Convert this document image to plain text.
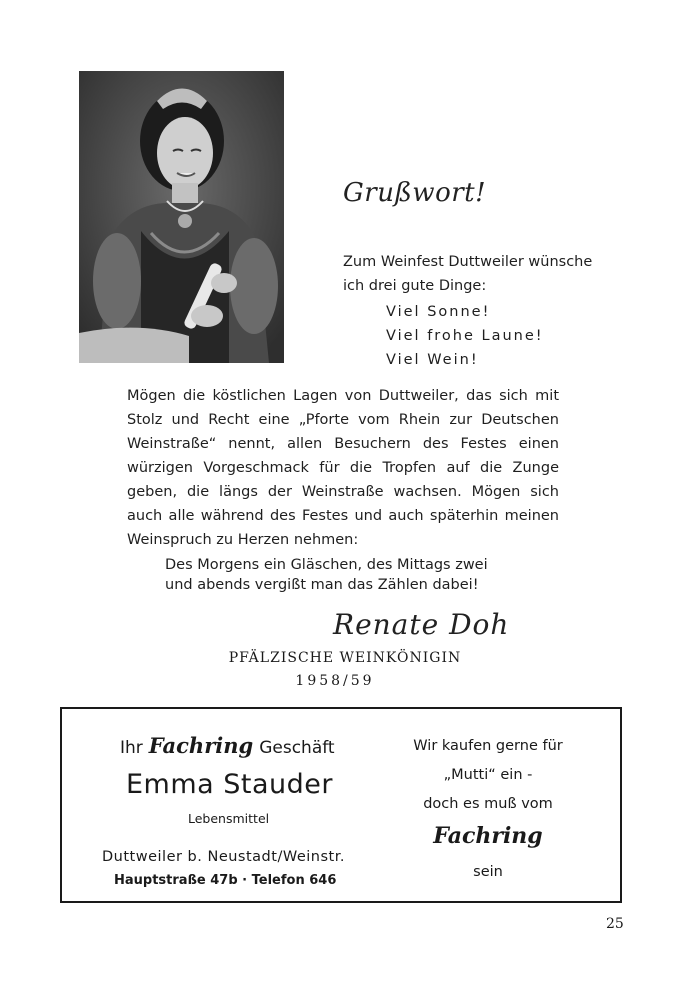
Grußwort!
Zum Weinfest Duttweiler wünsche
ich drei gute Dinge:
Viel Sonne!
Viel frohe Laune!
Viel Wein!
Mögen die köstlichen Lagen von Duttweiler, das sich mit
Stolz und Recht eine „Pforte vom Rhein zur Deutschen
Weinstraße“ nennt, allen Besuchern des Festes einen
würzigen Vorgeschmack für die Tropfen auf die Zunge
geben, die längs der Weinstraße wachsen. Mögen sich
auch alle während des Festes und auch späterhin meinen
Weinspruch zu Herzen nehmen:
Des Morgens ein Gläschen, des Mittags zwei
und abends vergißt man das Zählen dabei!
Renate Doh
PFÄLZISCHE WEINKÖNIGIN
1958/59
Ihr Fachring Geschäft
Emma Stauder
Lebensmittel
Duttweiler b. Neustadt/Weinstr.
Hauptstraße 47b · Telefon 646
Wir kaufen gerne für
„Mutti“ ein -
doch es muß vom
Fachring
sein
25
